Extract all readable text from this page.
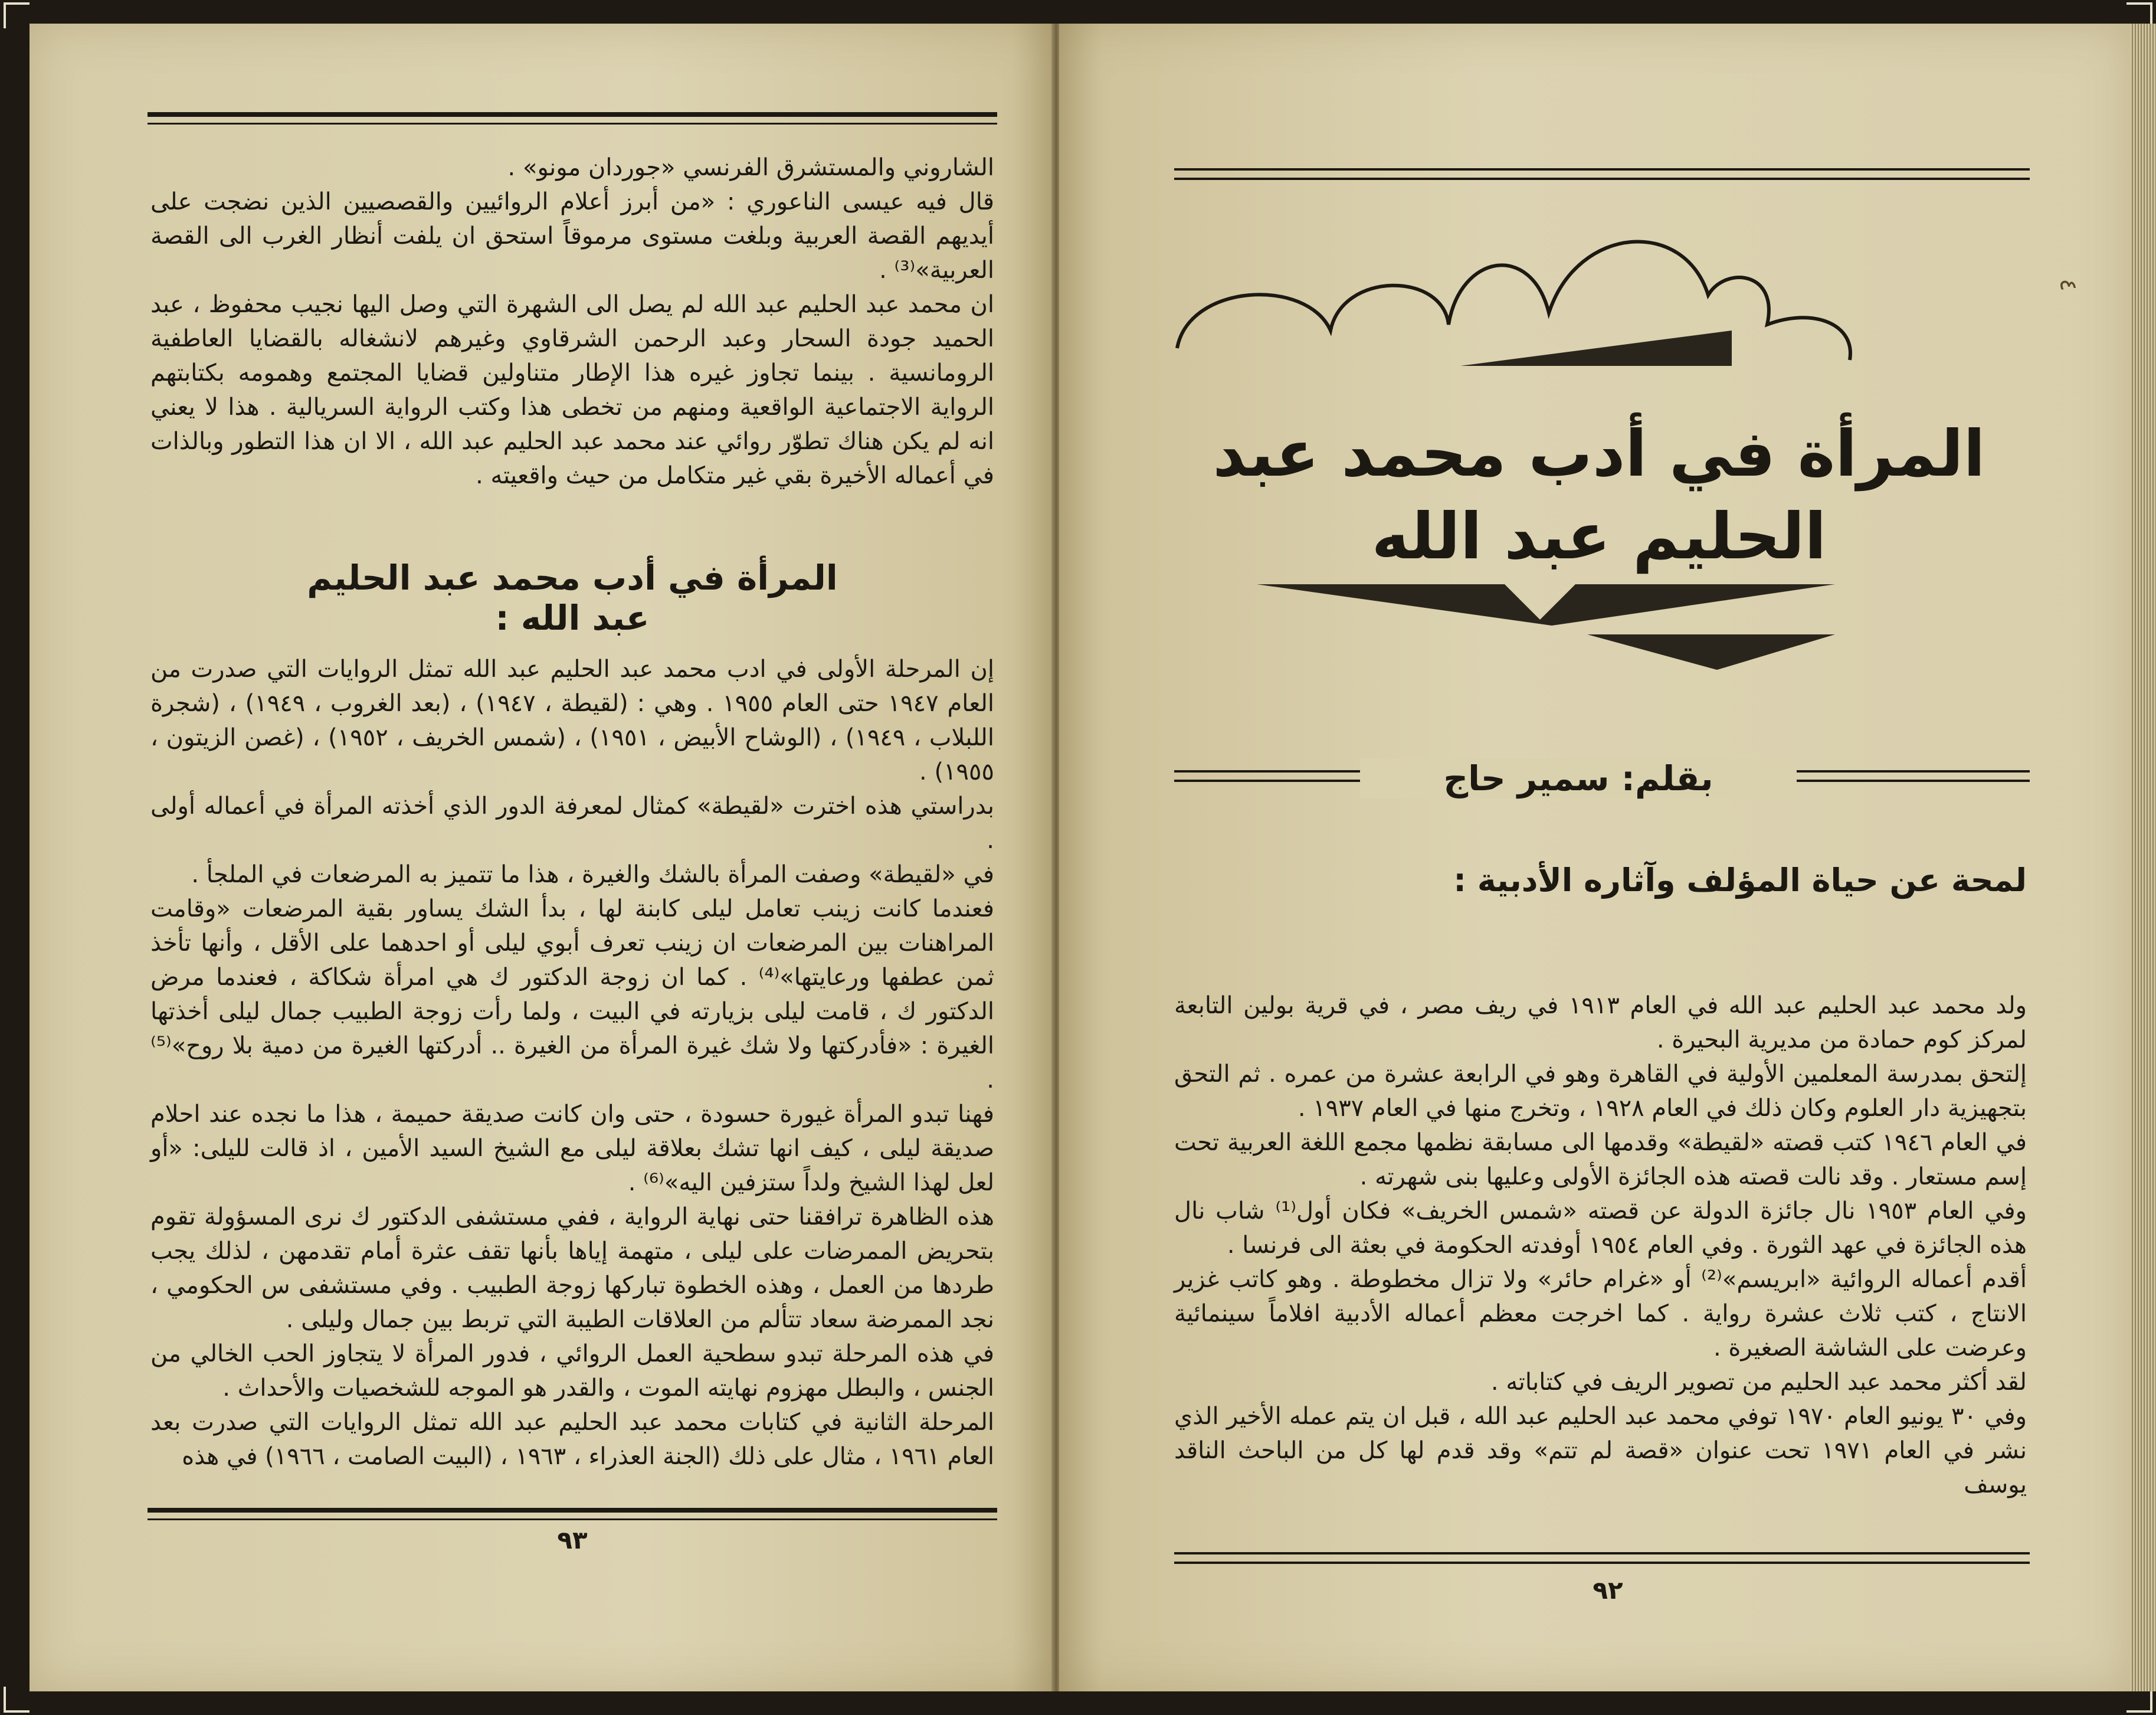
الشاروني والمستشرق الفرنسي «جوردان مونو» .

قال فيه عيسى الناعوري : «من أبرز أعلام الروائيين والقصصيين الذين نضجت على أيديهم القصة العربية وبلغت مستوى مرموقاً استحق ان يلفت أنظار الغرب الى القصة العربية»⁽³⁾ .

ان محمد عبد الحليم عبد الله لم يصل الى الشهرة التي وصل اليها نجيب محفوظ ، عبد الحميد جودة السحار وعبد الرحمن الشرقاوي وغيرهم لانشغاله بالقضايا العاطفية الرومانسية . بينما تجاوز غيره هذا الإطار متناولين قضايا المجتمع وهمومه بكتابتهم الرواية الاجتماعية الواقعية ومنهم من تخطى هذا وكتب الرواية السريالية . هذا لا يعني انه لم يكن هناك تطوّر روائي عند محمد عبد الحليم عبد الله ، الا ان هذا التطور وبالذات في أعماله الأخيرة بقي غير متكامل من حيث واقعيته .

المرأة في أدب محمد عبد الحليم عبد الله :

إن المرحلة الأولى في ادب محمد عبد الحليم عبد الله تمثل الروايات التي صدرت من العام ١٩٤٧ حتى العام ١٩٥٥ . وهي : (لقيطة ، ١٩٤٧) ، (بعد الغروب ، ١٩٤٩) ، (شجرة اللبلاب ، ١٩٤٩) ، (الوشاح الأبيض ، ١٩٥١) ، (شمس الخريف ، ١٩٥٢) ، (غصن الزيتون ، ١٩٥٥) .

بدراستي هذه اخترت «لقيطة» كمثال لمعرفة الدور الذي أخذته المرأة في أعماله أولى .

في «لقيطة» وصفت المرأة بالشك والغيرة ، هذا ما تتميز به المرضعات في الملجأ .

فعندما كانت زينب تعامل ليلى كابنة لها ، بدأ الشك يساور بقية المرضعات «وقامت المراهنات بين المرضعات ان زينب تعرف أبوي ليلى أو احدهما على الأقل ، وأنها تأخذ ثمن عطفها ورعايتها»⁽⁴⁾ . كما ان زوجة الدكتور ك هي امرأة شكاكة ، فعندما مرض الدكتور ك ، قامت ليلى بزيارته في البيت ، ولما رأت زوجة الطبيب جمال ليلى أخذتها الغيرة : «فأدركتها ولا شك غيرة المرأة من الغيرة .. أدركتها الغيرة من دمية بلا روح»⁽⁵⁾ .

فهنا تبدو المرأة غيورة حسودة ، حتى وان كانت صديقة حميمة ، هذا ما نجده عند احلام صديقة ليلى ، كيف انها تشك بعلاقة ليلى مع الشيخ السيد الأمين ، اذ قالت لليلى: «أو لعل لهذا الشيخ ولداً ستزفين اليه»⁽⁶⁾ .

هذه الظاهرة ترافقنا حتى نهاية الرواية ، ففي مستشفى الدكتور ك نرى المسؤولة تقوم بتحريض الممرضات على ليلى ، متهمة إياها بأنها تقف عثرة أمام تقدمهن ، لذلك يجب طردها من العمل ، وهذه الخطوة تباركها زوجة الطبيب . وفي مستشفى س الحكومي ، نجد الممرضة سعاد تتألم من العلاقات الطيبة التي تربط بين جمال وليلى .

في هذه المرحلة تبدو سطحية العمل الروائي ، فدور المرأة لا يتجاوز الحب الخالي من الجنس ، والبطل مهزوم نهايته الموت ، والقدر هو الموجه للشخصيات والأحداث .

المرحلة الثانية في كتابات محمد عبد الحليم عبد الله تمثل الروايات التي صدرت بعد العام ١٩٦١ ، مثال على ذلك (الجنة العذراء ، ١٩٦٣ ، (البيت الصامت ، ١٩٦٦) في هذه

٩٣
المرأة في أدب محمد عبد الحليم عبد الله
بقلم: سمير حاج
لمحة عن حياة المؤلف وآثاره الأدبية :

ولد محمد عبد الحليم عبد الله في العام ١٩١٣ في ريف مصر ، في قرية بولين التابعة لمركز كوم حمادة من مديرية البحيرة .

إلتحق بمدرسة المعلمين الأولية في القاهرة وهو في الرابعة عشرة من عمره . ثم التحق بتجهيزية دار العلوم وكان ذلك في العام ١٩٢٨ ، وتخرج منها في العام ١٩٣٧ .

في العام ١٩٤٦ كتب قصته «لقيطة» وقدمها الى مسابقة نظمها مجمع اللغة العربية تحت إسم مستعار . وقد نالت قصته هذه الجائزة الأولى وعليها بنى شهرته .

وفي العام ١٩٥٣ نال جائزة الدولة عن قصته «شمس الخريف» فكان أول⁽¹⁾ شاب نال هذه الجائزة في عهد الثورة . وفي العام ١٩٥٤ أوفدته الحكومة في بعثة الى فرنسا .

أقدم أعماله الروائية «ابريسم»⁽²⁾ أو «غرام حائر» ولا تزال مخطوطة . وهو كاتب غزير الانتاج ، كتب ثلاث عشرة رواية . كما اخرجت معظم أعماله الأدبية افلاماً سينمائية وعرضت على الشاشة الصغيرة .

لقد أكثر محمد عبد الحليم من تصوير الريف في كتاباته .

وفي ٣٠ يونيو العام ١٩٧٠ توفي محمد عبد الحليم عبد الله ، قبل ان يتم عمله الأخير الذي نشر في العام ١٩٧١ تحت عنوان «قصة لم تتم» وقد قدم لها كل من الباحث الناقد يوسف

٩٢
٤
